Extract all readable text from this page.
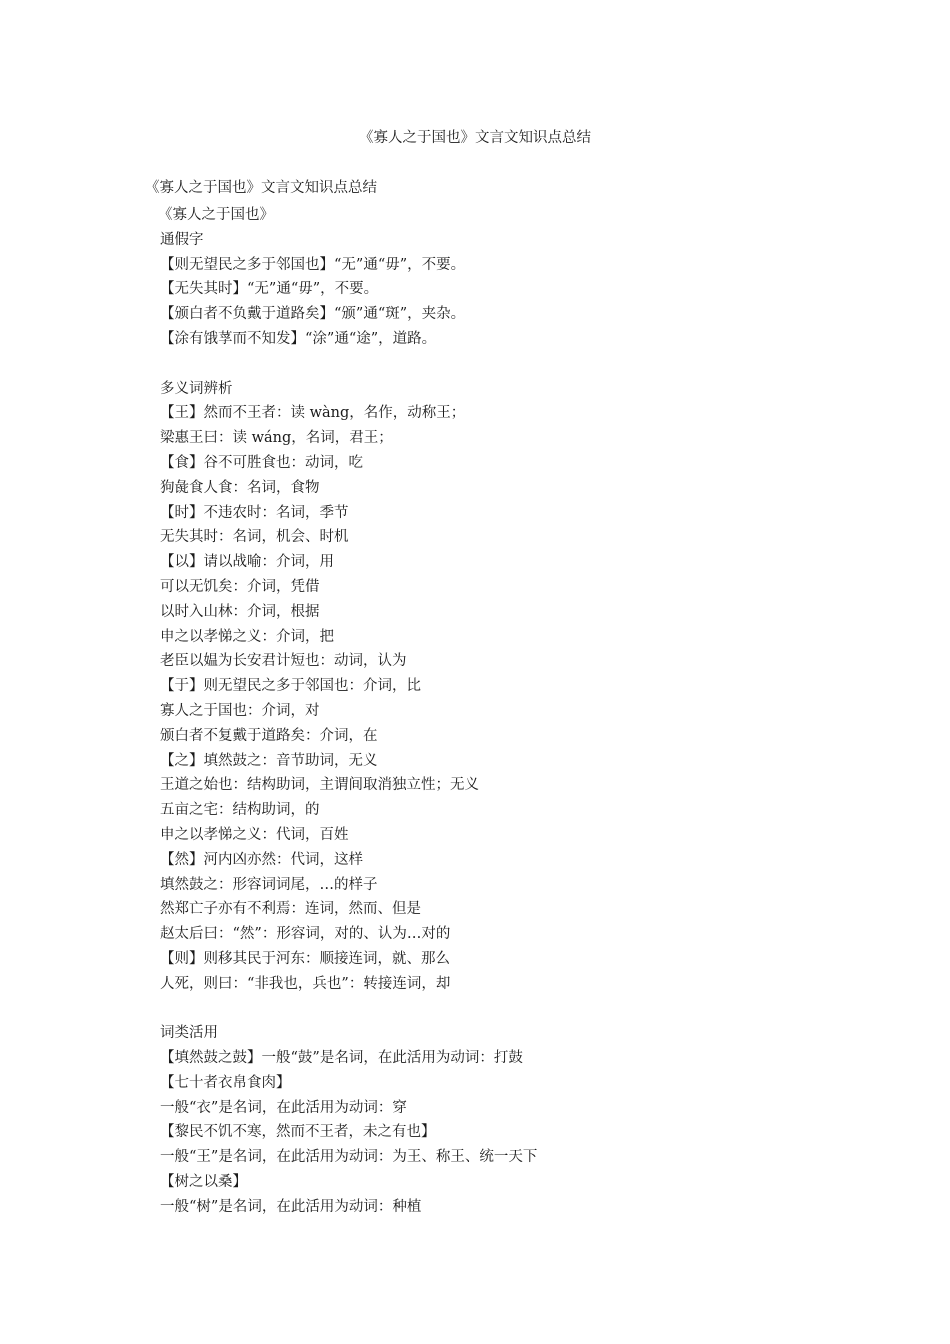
《寡人之于国也》文言文知识点总结
《寡人之于国也》文言文知识点总结
《寡人之于国也》
通假字
【则无望民之多于邻国也】“无”通“毋”，不要。
【无失其时】“无”通“毋”，不要。
【颁白者不负戴于道路矣】“颁”通“斑”，夹杂。
【涂有饿莩而不知发】“涂”通“途”，道路。
多义词辨析
【王】然而不王者：读 wàng，名作，动称王；
梁惠王曰：读 wáng，名词，君王；
【食】谷不可胜食也：动词，吃
狗彘食人食：名词，食物
【时】不违农时：名词，季节
无失其时：名词，机会、时机
【以】请以战喻：介词，用
可以无饥矣：介词，凭借
以时入山林：介词，根据
申之以孝悌之义：介词，把
老臣以媪为长安君计短也：动词，认为
【于】则无望民之多于邻国也：介词，比
寡人之于国也：介词，对
颁白者不复戴于道路矣：介词，在
【之】填然鼓之：音节助词，无义
王道之始也：结构助词，主谓间取消独立性；无义
五亩之宅：结构助词，的
申之以孝悌之义：代词，百姓
【然】河内凶亦然：代词，这样
填然鼓之：形容词词尾，…的样子
然郑亡子亦有不利焉：连词，然而、但是
赵太后曰：“然”：形容词，对的、认为…对的
【则】则移其民于河东：顺接连词，就、那么
人死，则曰：“非我也，兵也”：转接连词，却
词类活用
【填然鼓之鼓】一般“鼓”是名词，在此活用为动词：打鼓
【七十者衣帛食肉】
一般“衣”是名词，在此活用为动词：穿
【黎民不饥不寒，然而不王者，未之有也】
一般“王”是名词，在此活用为动词：为王、称王、统一天下
【树之以桑】
一般“树”是名词，在此活用为动词：种植
